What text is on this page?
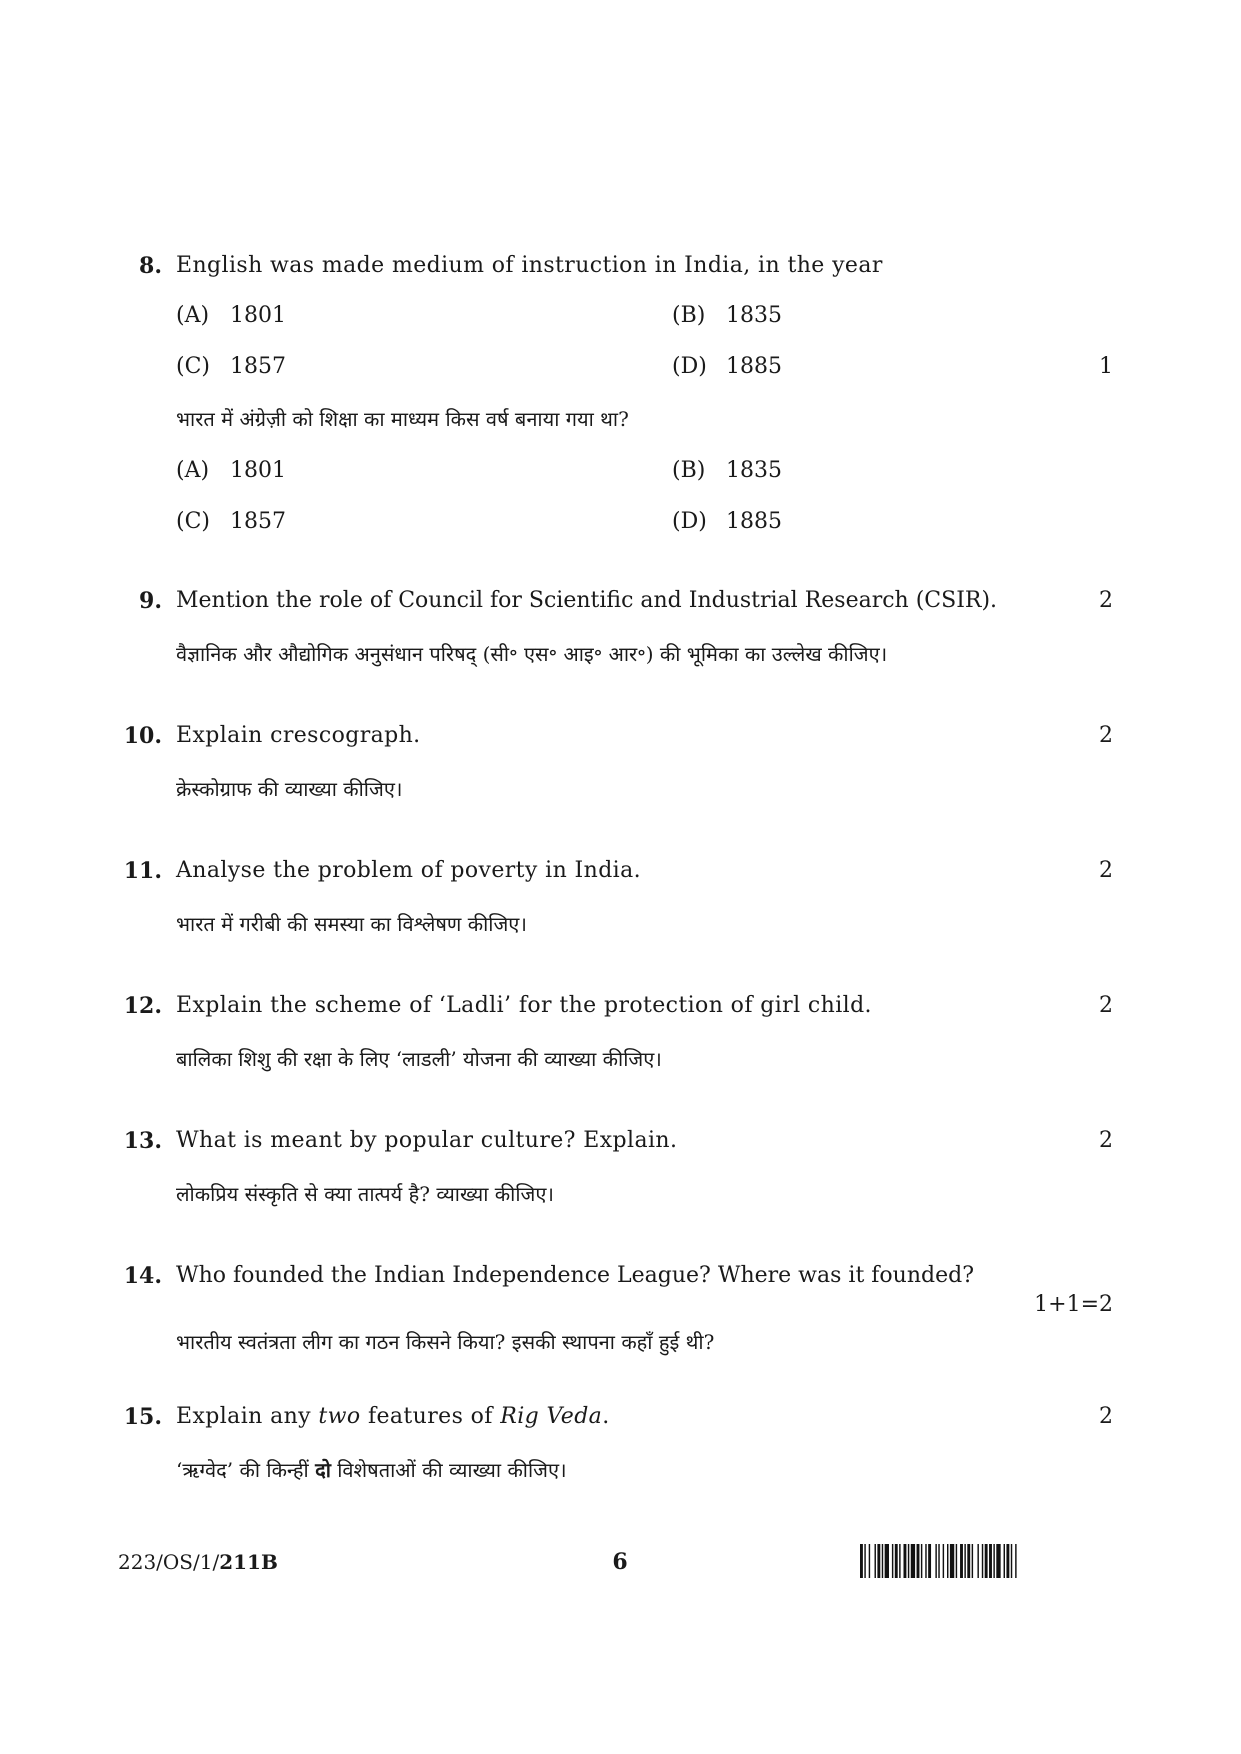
8. English was made medium of instruction in India, in the year
(A) 1801	(B) 1835
(C) 1857	(D) 1885	1
भारत में अंग्रेज़ी को शिक्षा का माध्यम किस वर्ष बनाया गया था?
(A) 1801	(B) 1835
(C) 1857	(D) 1885
9. Mention the role of Council for Scientific and Industrial Research (CSIR).	2
वैज्ञानिक और औद्योगिक अनुसंधान परिषद् (सी॰ एस॰ आइ॰ आर॰) की भूमिका का उल्लेख कीजिए।
10. Explain crescograph.	2
क्रेस्कोग्राफ की व्याख्या कीजिए।
11. Analyse the problem of poverty in India.	2
भारत में गरीबी की समस्या का विश्लेषण कीजिए।
12. Explain the scheme of ‘Ladli’ for the protection of girl child.	2
बालिका शिशु की रक्षा के लिए ‘लाडली’ योजना की व्याख्या कीजिए।
13. What is meant by popular culture? Explain.	2
लोकप्रिय संस्कृति से क्या तात्पर्य है? व्याख्या कीजिए।
14. Who founded the Indian Independence League? Where was it founded?
1+1=2
भारतीय स्वतंत्रता लीग का गठन किसने किया? इसकी स्थापना कहाँ हुई थी?
15. Explain any two features of Rig Veda.	2
‘ऋग्वेद’ की किन्हीं दो विशेषताओं की व्याख्या कीजिए।
223/OS/1/211B	6
